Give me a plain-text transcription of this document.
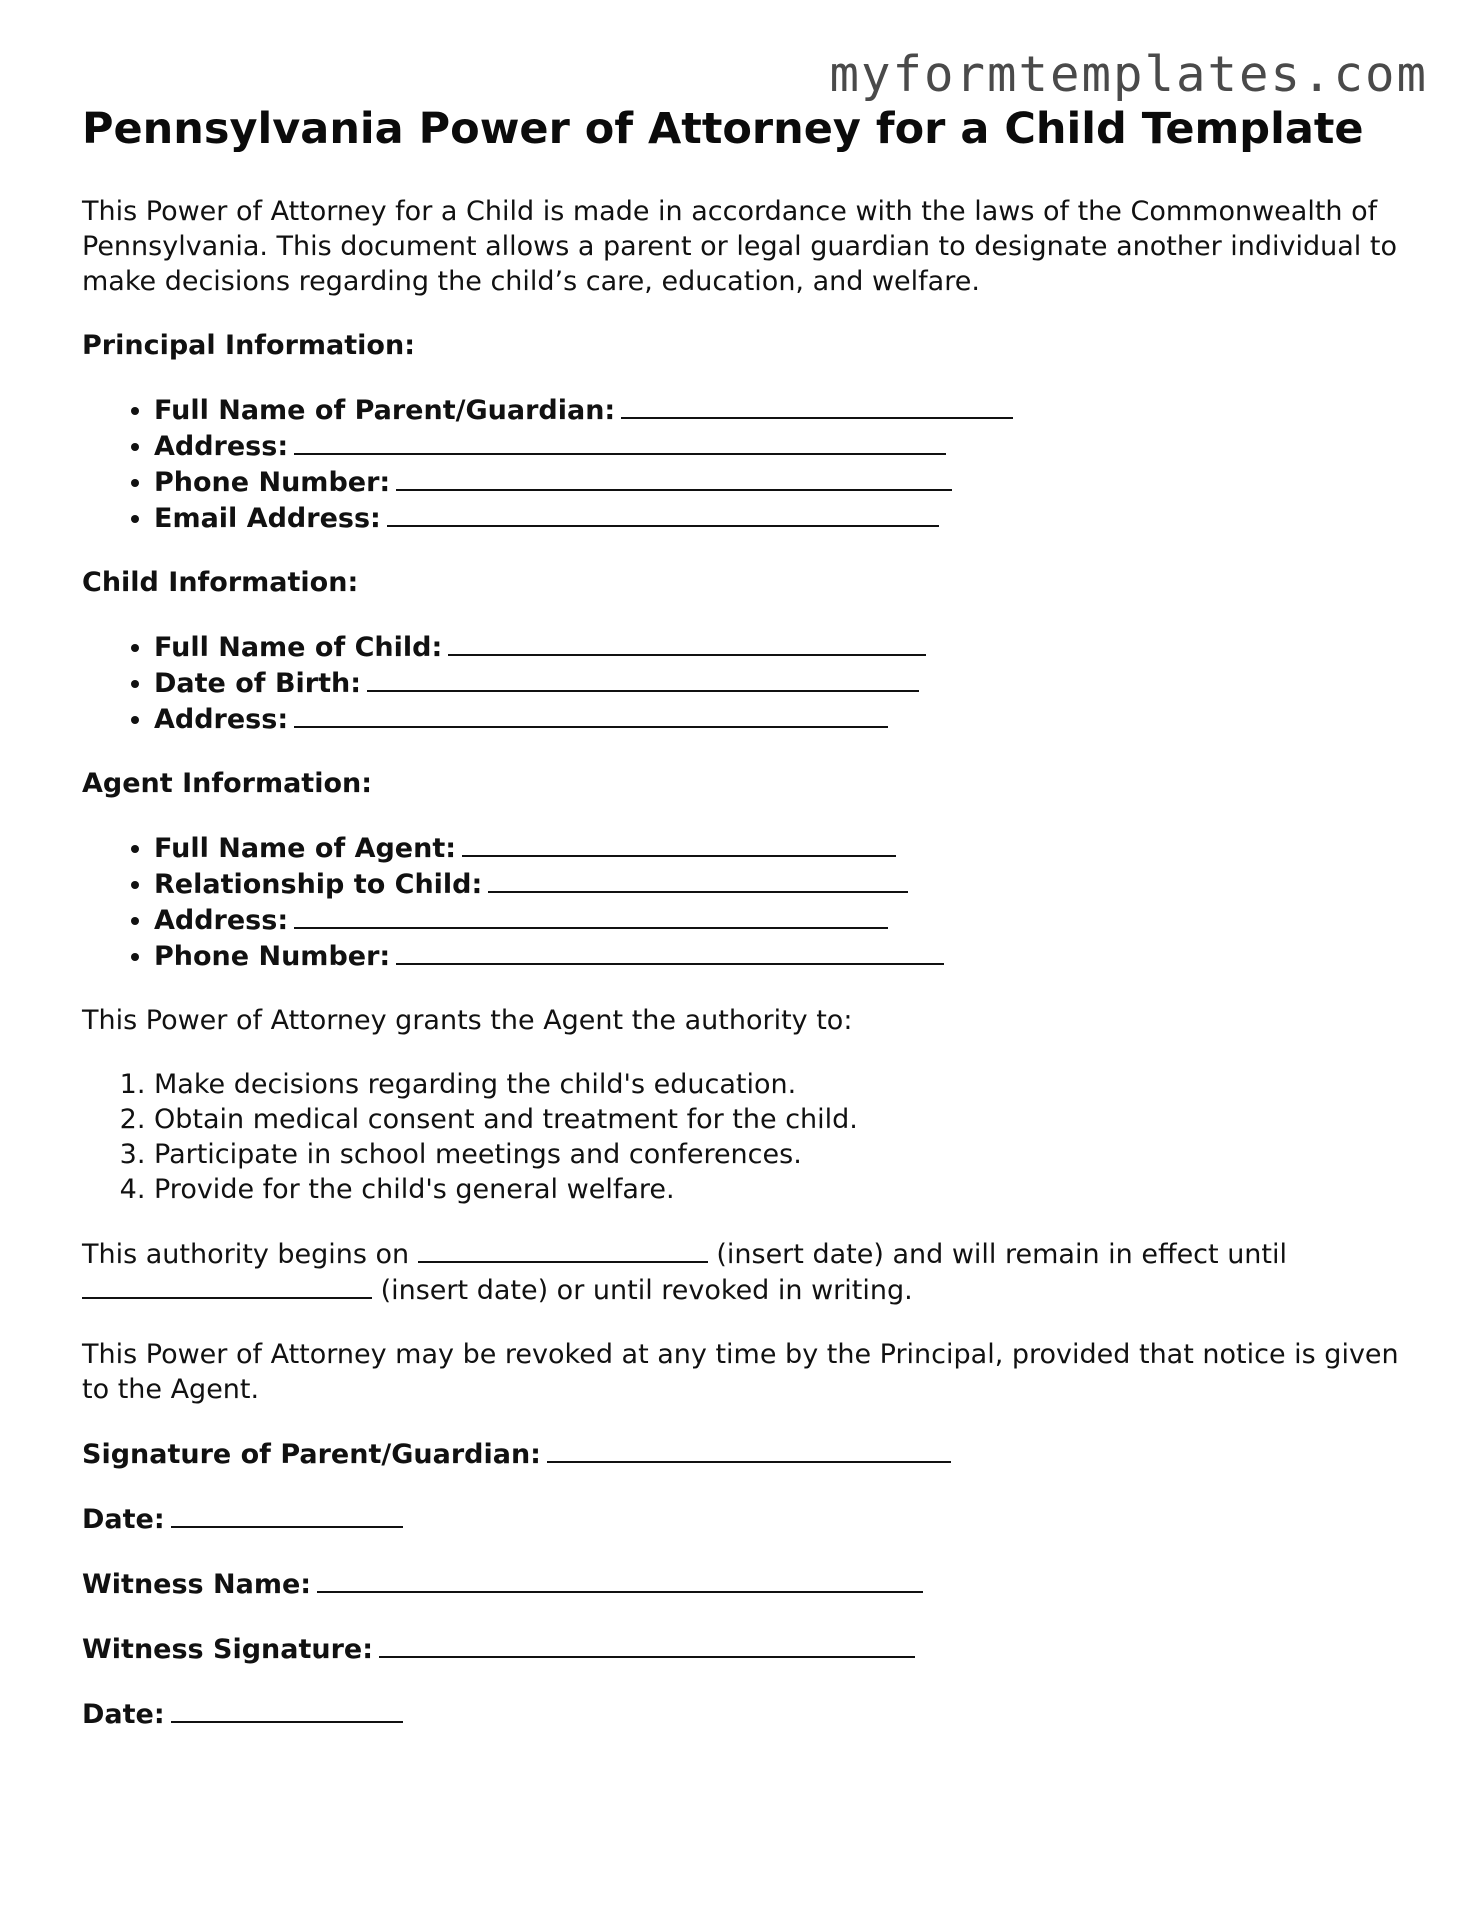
myformtemplates.com
Pennsylvania Power of Attorney for a Child Template

This Power of Attorney for a Child is made in accordance with the laws of the Commonwealth of Pennsylvania. This document allows a parent or legal guardian to designate another individual to make decisions regarding the child’s care, education, and welfare.

Principal Information:
• Full Name of Parent/Guardian:
• Address:
• Phone Number:
• Email Address:
Child Information:
• Full Name of Child:
• Date of Birth:
• Address:
Agent Information:
• Full Name of Agent:
• Relationship to Child:
• Address:
• Phone Number:

This Power of Attorney grants the Agent the authority to:

1. Make decisions regarding the child's education.
2. Obtain medical consent and treatment for the child.
3. Participate in school meetings and conferences.
4. Provide for the child's general welfare.

This authority begins on	(insert date) and will remain in effect until  (insert date) or until revoked in writing.

This Power of Attorney may be revoked at any time by the Principal, provided that notice is given to the Agent.

Signature of Parent/Guardian:
Date:
Witness Name:
Witness Signature:
Date:
